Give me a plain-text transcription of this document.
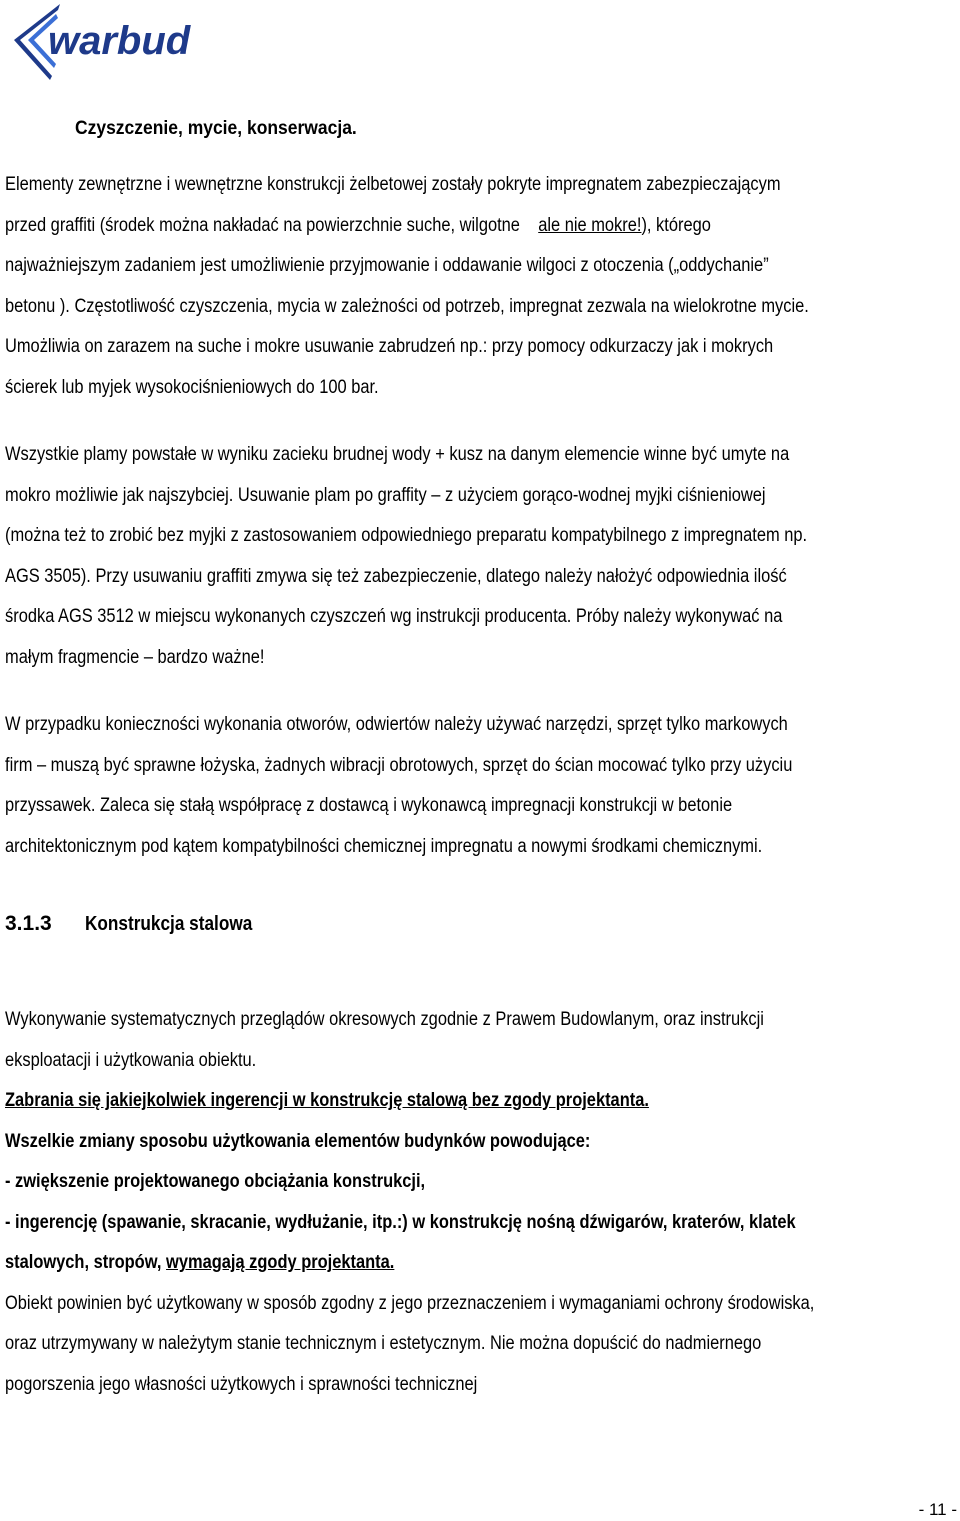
warbud
Czyszczenie, mycie, konserwacja.
Elementy zewnętrzne i wewnętrzne konstrukcji żelbetowej zostały pokryte impregnatem zabezpieczającym
przed graffiti (środek można nakładać na powierzchnie suche, wilgotne ale nie mokre!), którego
najważniejszym zadaniem jest umożliwienie przyjmowanie i oddawanie wilgoci z otoczenia („oddychanie”
betonu ). Częstotliwość czyszczenia, mycia w zależności od potrzeb, impregnat zezwala na wielokrotne mycie.
Umożliwia on zarazem na suche i mokre usuwanie zabrudzeń np.: przy pomocy odkurzaczy jak i mokrych
ścierek lub myjek wysokociśnieniowych do 100 bar.
Wszystkie plamy powstałe w wyniku zacieku brudnej wody + kusz na danym elemencie winne być umyte na
mokro możliwie jak najszybciej. Usuwanie plam po graffity – z użyciem gorąco-wodnej myjki ciśnieniowej
(można też to zrobić bez myjki z zastosowaniem odpowiedniego preparatu kompatybilnego z impregnatem np.
AGS 3505). Przy usuwaniu graffiti zmywa się też zabezpieczenie, dlatego należy nałożyć odpowiednia ilość
środka AGS 3512 w miejscu wykonanych czyszczeń wg instrukcji producenta. Próby należy wykonywać na
małym fragmencie – bardzo ważne!
W przypadku konieczności wykonania otworów, odwiertów należy używać narzędzi, sprzęt tylko markowych
firm – muszą być sprawne łożyska, żadnych wibracji obrotowych, sprzęt do ścian mocować tylko przy użyciu
przyssawek. Zaleca się stałą współpracę z dostawcą i wykonawcą impregnacji konstrukcji w betonie
architektonicznym pod kątem kompatybilności chemicznej impregnatu a nowymi środkami chemicznymi.
3.1.3 Konstrukcja stalowa
Wykonywanie systematycznych przeglądów okresowych zgodnie z Prawem Budowlanym, oraz instrukcji
eksploatacji i użytkowania obiektu.
Zabrania się jakiejkolwiek ingerencji w konstrukcję stalową bez zgody projektanta.
Wszelkie zmiany sposobu użytkowania elementów budynków powodujące:
- zwiększenie projektowanego obciążania konstrukcji,
- ingerencję (spawanie, skracanie, wydłużanie, itp.:) w konstrukcję nośną dźwigarów, kraterów, klatek
stalowych, stropów, wymagają zgody projektanta.
Obiekt powinien być użytkowany w sposób zgodny z jego przeznaczeniem i wymaganiami ochrony środowiska,
oraz utrzymywany w należytym stanie technicznym i estetycznym. Nie można dopuścić do nadmiernego
pogorszenia jego własności użytkowych i sprawności technicznej
- 11 -
